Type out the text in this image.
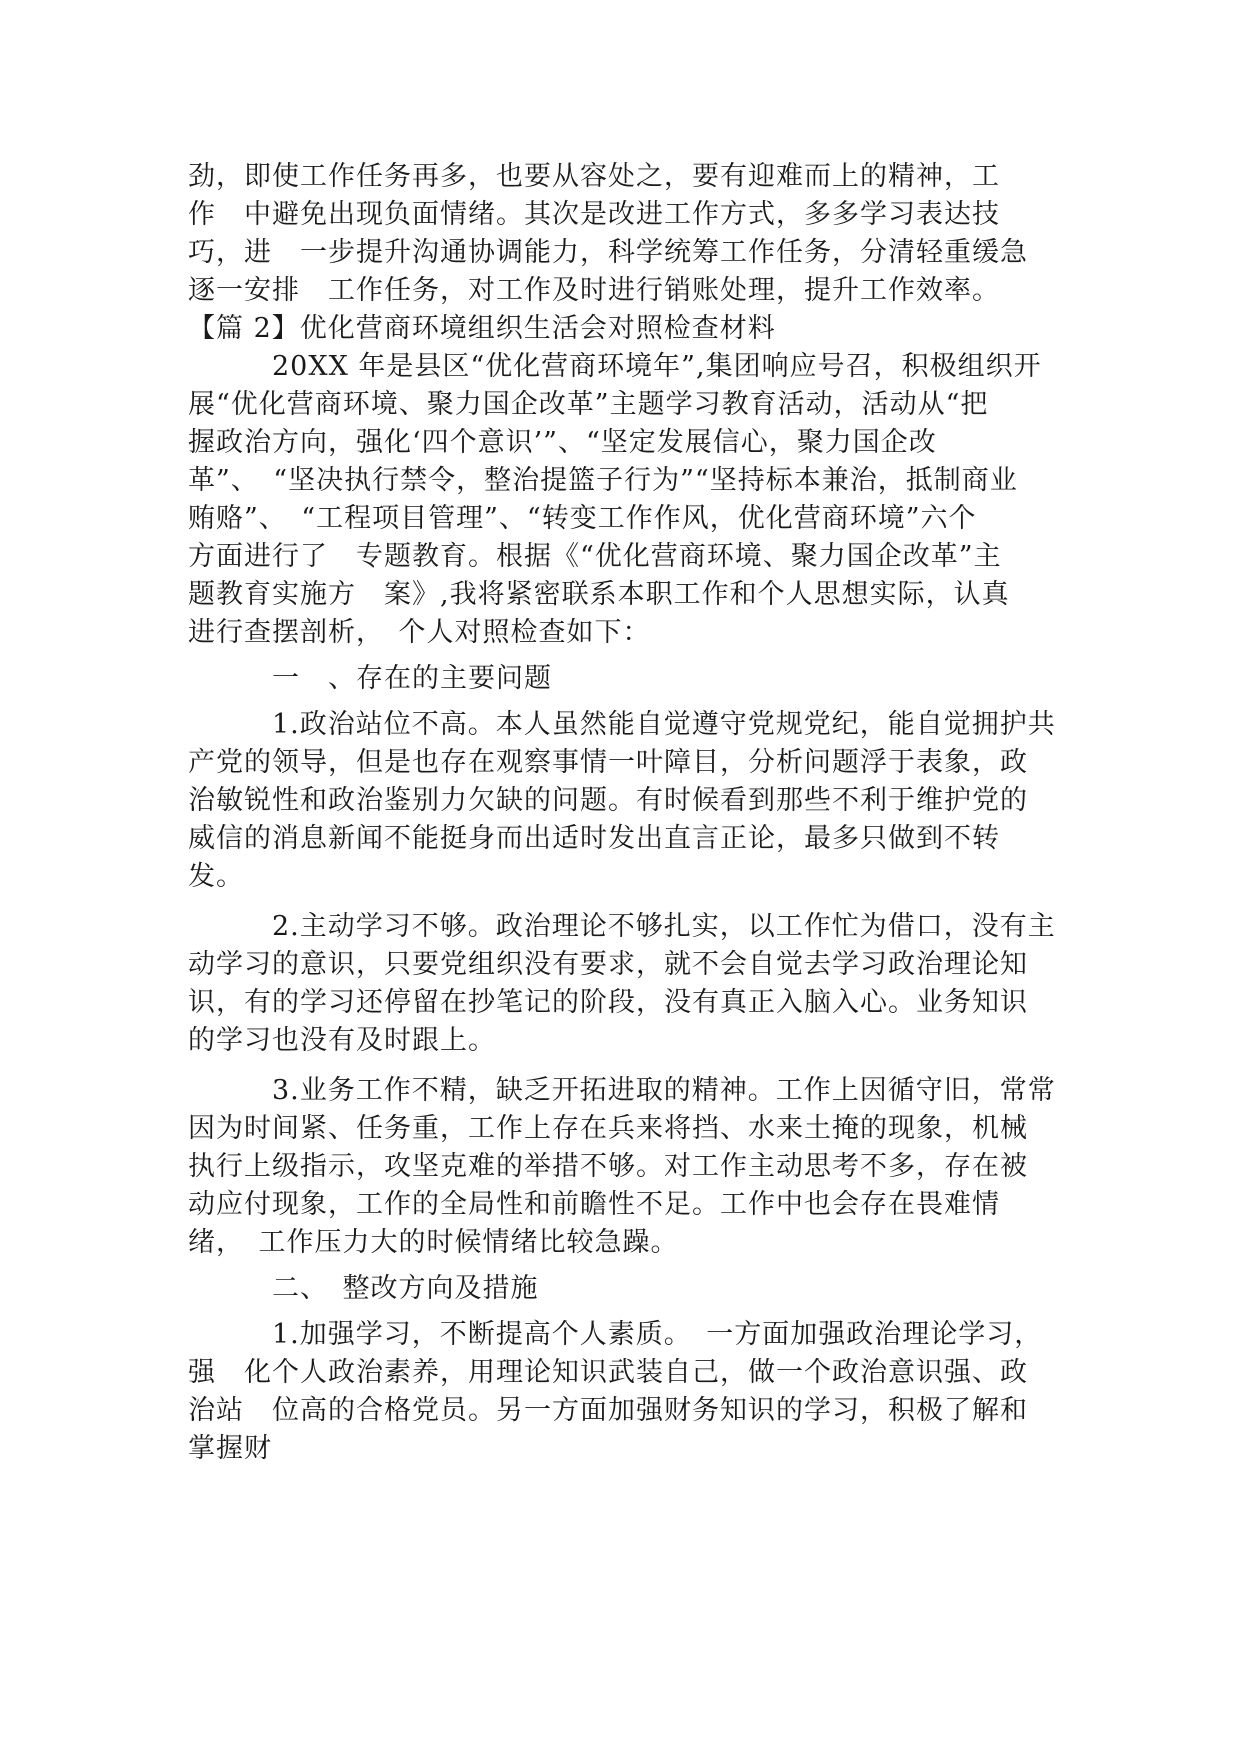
劲，即使工作任务再多，也要从容处之，要有迎难而上的精神，工
作　中避免出现负面情绪。其次是改进工作方式，多多学习表达技
巧，进　一步提升沟通协调能力，科学统筹工作任务，分清轻重缓急
逐一安排　工作任务，对工作及时进行销账处理，提升工作效率。
【篇 2】优化营商环境组织生活会对照检查材料
　　　20XX 年是县区“优化营商环境年”,集团响应号召，积极组织开
展“优化营商环境、聚力国企改革”主题学习教育活动，活动从“把
握政治方向，强化‘四个意识’”、“坚定发展信心，聚力国企改
革”、　“坚决执行禁令，整治提篮子行为”“坚持标本兼治，抵制商业
贿赂”、　“工程项目管理”、“转变工作作风，优化营商环境”六个
方面进行了　专题教育。根据《“优化营商环境、聚力国企改革”主
题教育实施方　案》,我将紧密联系本职工作和个人思想实际，认真
进行查摆剖析，　个人对照检查如下：
　　　一　、存在的主要问题
　　　1.政治站位不高。本人虽然能自觉遵守党规党纪，能自觉拥护共
产党的领导，但是也存在观察事情一叶障目，分析问题浮于表象，政
治敏锐性和政治鉴别力欠缺的问题。有时候看到那些不利于维护党的
威信的消息新闻不能挺身而出适时发出直言正论，最多只做到不转
发。
　　　2.主动学习不够。政治理论不够扎实，以工作忙为借口，没有主
动学习的意识，只要党组织没有要求，就不会自觉去学习政治理论知
识，有的学习还停留在抄笔记的阶段，没有真正入脑入心。业务知识
的学习也没有及时跟上。
　　　3.业务工作不精，缺乏开拓进取的精神。工作上因循守旧，常常
因为时间紧、任务重，工作上存在兵来将挡、水来土掩的现象，机械
执行上级指示，攻坚克难的举措不够。对工作主动思考不多，存在被
动应付现象，工作的全局性和前瞻性不足。工作中也会存在畏难情
绪，　工作压力大的时候情绪比较急躁。
　　　二、　整改方向及措施
　　　1.加强学习，不断提高个人素质。　一方面加强政治理论学习，
强　化个人政治素养，用理论知识武装自己，做一个政治意识强、政
治站　位高的合格党员。另一方面加强财务知识的学习，积极了解和
掌握财
